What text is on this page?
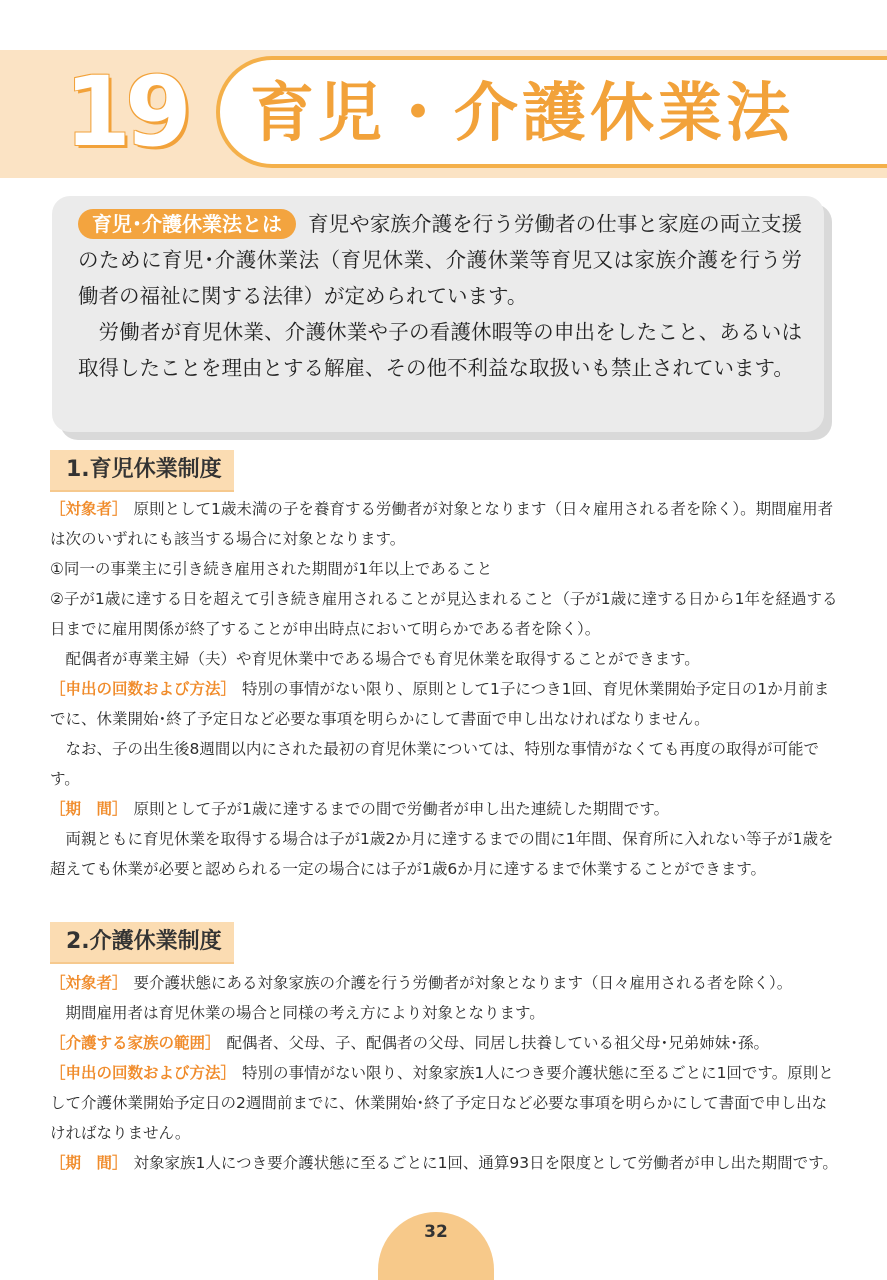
19	育児・介護休業法

育児･介護休業法とは 育児や家族介護を行う労働者の仕事と家庭の両立支援のために育児･介護休業法（育児休業、介護休業等育児又は家族介護を行う労働者の福祉に関する法律）が定められています。

労働者が育児休業、介護休業や子の看護休暇等の申出をしたこと、あるいは取得したことを理由とする解雇、その他不利益な取扱いも禁止されています。

1.育児休業制度

［対象者］ 原則として1歳未満の子を養育する労働者が対象となります（日々雇用される者を除く）。期間雇用者は次のいずれにも該当する場合に対象となります。

①同一の事業主に引き続き雇用された期間が1年以上であること

②子が1歳に達する日を超えて引き続き雇用されることが見込まれること（子が1歳に達する日から1年を経過する日までに雇用関係が終了することが申出時点において明らかである者を除く）。

配偶者が専業主婦（夫）や育児休業中である場合でも育児休業を取得することができます。

［申出の回数および方法］ 特別の事情がない限り、原則として1子につき1回、育児休業開始予定日の1か月前までに、休業開始･終了予定日など必要な事項を明らかにして書面で申し出なければなりません。

なお、子の出生後8週間以内にされた最初の育児休業については、特別な事情がなくても再度の取得が可能です。

［期　間］ 原則として子が1歳に達するまでの間で労働者が申し出た連続した期間です。

両親ともに育児休業を取得する場合は子が1歳2か月に達するまでの間に1年間、保育所に入れない等子が1歳を超えても休業が必要と認められる一定の場合には子が1歳6か月に達するまで休業することができます。

2.介護休業制度

［対象者］ 要介護状態にある対象家族の介護を行う労働者が対象となります（日々雇用される者を除く）。

期間雇用者は育児休業の場合と同様の考え方により対象となります。

［介護する家族の範囲］ 配偶者、父母、子、配偶者の父母、同居し扶養している祖父母･兄弟姉妹･孫。

［申出の回数および方法］ 特別の事情がない限り、対象家族1人につき要介護状態に至るごとに1回です。原則として介護休業開始予定日の2週間前までに、休業開始･終了予定日など必要な事項を明らかにして書面で申し出なければなりません。

［期　間］ 対象家族1人につき要介護状態に至るごとに1回、通算93日を限度として労働者が申し出た期間です。

32
